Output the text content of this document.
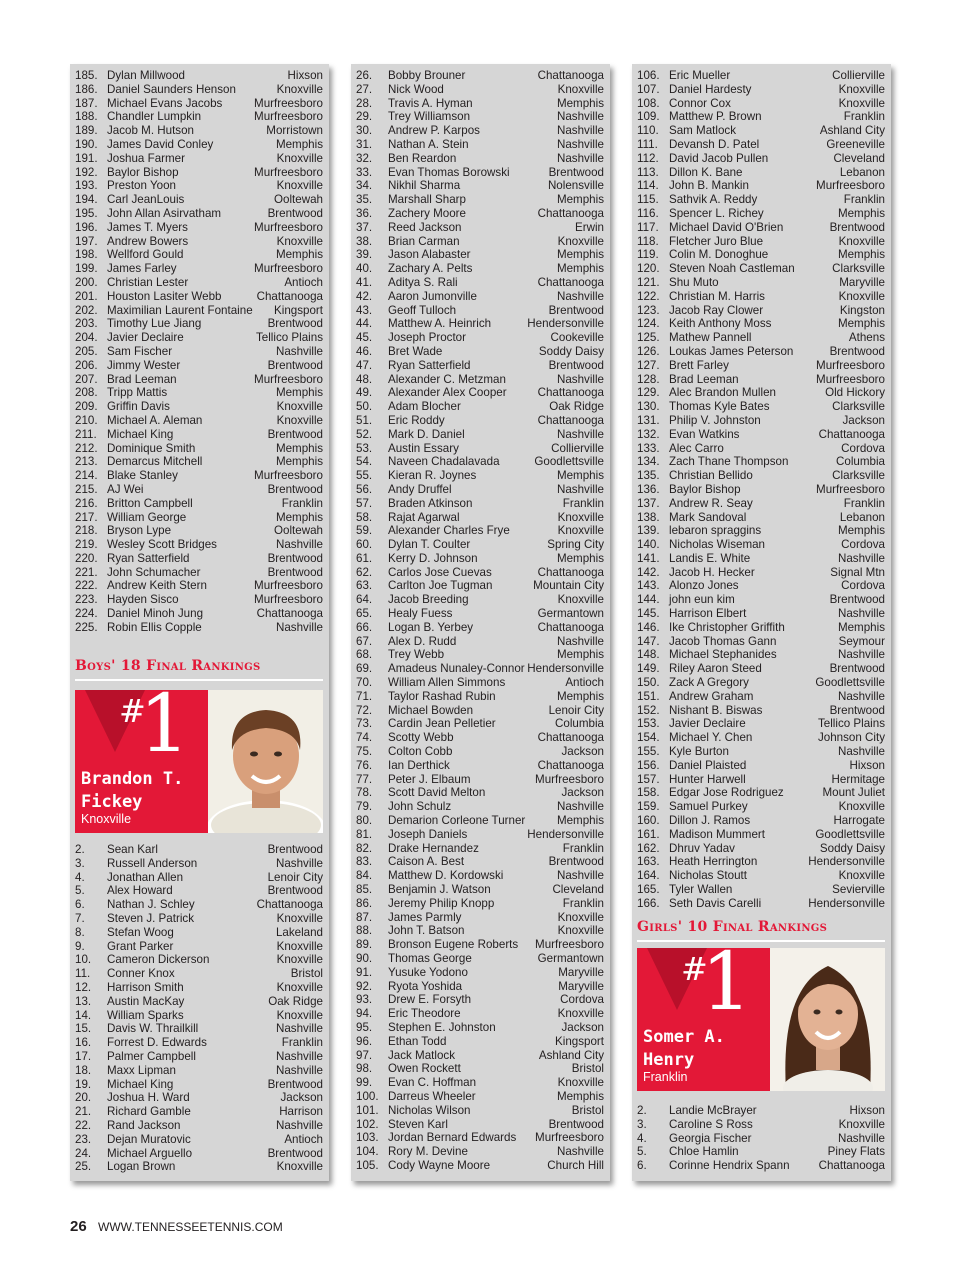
185. Dylan Millwood	Hixson
186. Daniel Saunders Henson	Knoxville
187. Michael Evans Jacobs	Murfreesboro
188. Chandler Lumpkin	Murfreesboro
189. Jacob M. Hutson	Morristown
190. James David Conley	Memphis
191. Joshua Farmer	Knoxville
192. Baylor Bishop	Murfreesboro
193. Preston Yoon	Knoxville
194. Carl JeanLouis	Ooltewah
195. John Allan Asirvatham	Brentwood
196. James T. Myers	Murfreesboro
197. Andrew Bowers	Knoxville
198. Wellford Gould	Memphis
199. James Farley	Murfreesboro
200. Christian Lester	Antioch
201. Houston Lasiter Webb	Chattanooga
202. Maximilian Laurent Fontaine Kingsport
203. Timothy Lue Jiang	Brentwood
204. Javier Declaire	Tellico Plains
205. Sam Fischer	Nashville
206. Jimmy Wester	Brentwood
207. Brad Leeman	Murfreesboro
208. Tripp Mattis	Memphis
209. Griffin Davis	Knoxville
210. Michael A. Aleman	Knoxville
211. Michael King	Brentwood
212. Dominique Smith	Memphis
213. Demarcus Mitchell	Memphis
214. Blake Stanley	Murfreesboro
215. AJ Wei	Brentwood
216. Britton Campbell	Franklin
217. William George	Memphis
218. Bryson Lype	Ooltewah
219. Wesley Scott Bridges	Nashville
220. Ryan Satterfield	Brentwood
221. John Schumacher	Brentwood
222. Andrew Keith Stern	Murfreesboro
223. Hayden Sisco	Murfreesboro
224. Daniel Minoh Jung	Chattanooga
225. Robin Ellis Copple	Nashville
Boys' 18 Final Rankings
#
1
Brandon T.
Fickey
Knoxville
2. Sean Karl	Brentwood
3. Russell Anderson	Nashville
4. Jonathan Allen	Lenoir City
5. Alex Howard	Brentwood
6. Nathan J. Schley	Chattanooga
7. Steven J. Patrick	Knoxville
8. Stefan Woog	Lakeland
9. Grant Parker	Knoxville
10. Cameron Dickerson	Knoxville
11. Conner Knox	Bristol
12. Harrison Smith	Knoxville
13. Austin MacKay	Oak Ridge
14. William Sparks	Knoxville
15. Davis W. Thrailkill	Nashville
16. Forrest D. Edwards	Franklin
17. Palmer Campbell	Nashville
18. Maxx Lipman	Nashville
19. Michael King	Brentwood
20. Joshua H. Ward	Jackson
21. Richard Gamble	Harrison
22. Rand Jackson	Nashville
23. Dejan Muratovic	Antioch
24. Michael Arguello	Brentwood
25. Logan Brown	Knoxville
26. Bobby Brouner	Chattanooga
27. Nick Wood	Knoxville
28. Travis A. Hyman	Memphis
29. Trey Williamson	Nashville
30. Andrew P. Karpos	Nashville
31. Nathan A. Stein	Nashville
32. Ben Reardon	Nashville
33. Evan Thomas Borowski	Brentwood
34. Nikhil Sharma	Nolensville
35. Marshall Sharp	Memphis
36. Zachery Moore	Chattanooga
37. Reed Jackson	Erwin
38. Brian Carman	Knoxville
39. Jason Alabaster	Memphis
40. Zachary A. Pelts	Memphis
41. Aditya S. Rali	Chattanooga
42. Aaron Jumonville	Nashville
43. Geoff Tulloch	Brentwood
44. Matthew A. Heinrich	Hendersonville
45. Joseph Proctor	Cookeville
46. Bret Wade	Soddy Daisy
47. Ryan Satterfield	Brentwood
48. Alexander C. Metzman	Nashville
49. Alexander Alex Cooper	Chattanooga
50. Adam Blocher	Oak Ridge
51. Eric Roddy	Chattanooga
52. Mark D. Daniel	Nashville
53. Austin Essary	Collierville
54. Naveen Chadalavada	Goodlettsville
55. Kieran R. Joynes	Memphis
56. Andy Druffel	Nashville
57. Braden Atkinson	Franklin
58. Rajat Agarwal	Knoxville
59. Alexander Charles Frye	Knoxville
60. Dylan T. Coulter	Spring City
61. Kerry D. Johnson	Memphis
62. Carlos Jose Cuevas	Chattanooga
63. Carlton Joe Tugman	Mountain City
64. Jacob Breeding	Knoxville
65. Healy Fuess	Germantown
66. Logan B. Yerbey	Chattanooga
67. Alex D. Rudd	Nashville
68. Trey Webb	Memphis
69. Amadeus Nunaley-Connor Hendersonville
70. William Allen Simmons	Antioch
71. Taylor Rashad Rubin	Memphis
72. Michael Bowden	Lenoir City
73. Cardin Jean Pelletier	Columbia
74. Scotty Webb	Chattanooga
75. Colton Cobb	Jackson
76. Ian Derthick	Chattanooga
77. Peter J. Elbaum	Murfreesboro
78. Scott David Melton	Jackson
79. John Schulz	Nashville
80. Demarion Corleone Turner	Memphis
81. Joseph Daniels	Hendersonville
82. Drake Hernandez	Franklin
83. Caison A. Best	Brentwood
84. Matthew D. Kordowski	Nashville
85. Benjamin J. Watson	Cleveland
86. Jeremy Philip Knopp	Franklin
87. James Parmly	Knoxville
88. John T. Batson	Knoxville
89. Bronson Eugene Roberts Murfreesboro
90. Thomas George	Germantown
91. Yusuke Yodono	Maryville
92. Ryota Yoshida	Maryville
93. Drew E. Forsyth	Cordova
94. Eric Theodore	Knoxville
95. Stephen E. Johnston	Jackson
96. Ethan Todd	Kingsport
97. Jack Matlock	Ashland City
98. Owen Rockett	Bristol
99. Evan C. Hoffman	Knoxville
100. Darreus Wheeler	Memphis
101. Nicholas Wilson	Bristol
102. Steven Karl	Brentwood
103. Jordan Bernard Edwards Murfreesboro
104. Rory M. Devine	Nashville
105. Cody Wayne Moore	Church Hill
106. Eric Mueller	Collierville
107. Daniel Hardesty	Knoxville
108. Connor Cox	Knoxville
109. Matthew P. Brown	Franklin
110. Sam Matlock	Ashland City
111. Devansh D. Patel	Greeneville
112. David Jacob Pullen	Cleveland
113. Dillon K. Bane	Lebanon
114. John B. Mankin	Murfreesboro
115. Sathvik A. Reddy	Franklin
116. Spencer L. Richey	Memphis
117. Michael David O'Brien	Brentwood
118. Fletcher Juro Blue	Knoxville
119. Colin M. Donoghue	Memphis
120. Steven Noah Castleman	Clarksville
121. Shu Muto	Maryville
122. Christian M. Harris	Knoxville
123. Jacob Ray Clower	Kingston
124. Keith Anthony Moss	Memphis
125. Mathew Pannell	Athens
126. Loukas James Peterson	Brentwood
127. Brett Farley	Murfreesboro
128. Brad Leeman	Murfreesboro
129. Alec Brandon Mullen	Old Hickory
130. Thomas Kyle Bates	Clarksville
131. Philip V. Johnston	Jackson
132. Evan Watkins	Chattanooga
133. Alec Carro	Cordova
134. Zach Thane Thompson	Columbia
135. Christian Bellido	Clarksville
136. Baylor Bishop	Murfreesboro
137. Andrew R. Seay	Franklin
138. Mark Sandoval	Lebanon
139. lebaron spraggins	Memphis
140. Nicholas Wiseman	Cordova
141. Landis E. White	Nashville
142. Jacob H. Hecker	Signal Mtn
143. Alonzo Jones	Cordova
144. john eun kim	Brentwood
145. Harrison Elbert	Nashville
146. Ike Christopher Griffith	Memphis
147. Jacob Thomas Gann	Seymour
148. Michael Stephanides	Nashville
149. Riley Aaron Steed	Brentwood
150. Zack A Gregory	Goodlettsville
151. Andrew Graham	Nashville
152. Nishant B. Biswas	Brentwood
153. Javier Declaire	Tellico Plains
154. Michael Y. Chen	Johnson City
155. Kyle Burton	Nashville
156. Daniel Plaisted	Hixson
157. Hunter Harwell	Hermitage
158. Edgar Jose Rodriguez	Mount Juliet
159. Samuel Purkey	Knoxville
160. Dillon J. Ramos	Harrogate
161. Madison Mummert	Goodlettsville
162. Dhruv Yadav	Soddy Daisy
163. Heath Herrington	Hendersonville
164. Nicholas Stoutt	Knoxville
165. Tyler Wallen	Sevierville
166. Seth Davis Carelli	Hendersonville
Girls' 10 Final Rankings
#
1
Somer A.
Henry
Franklin
2. Landie McBrayer	Hixson
3. Caroline S Ross	Knoxville
4. Georgia Fischer	Nashville
5. Chloe Hamlin	Piney Flats
6. Corinne Hendrix Spann	Chattanooga
26 WWW.TENNESSEETENNIS.COM
